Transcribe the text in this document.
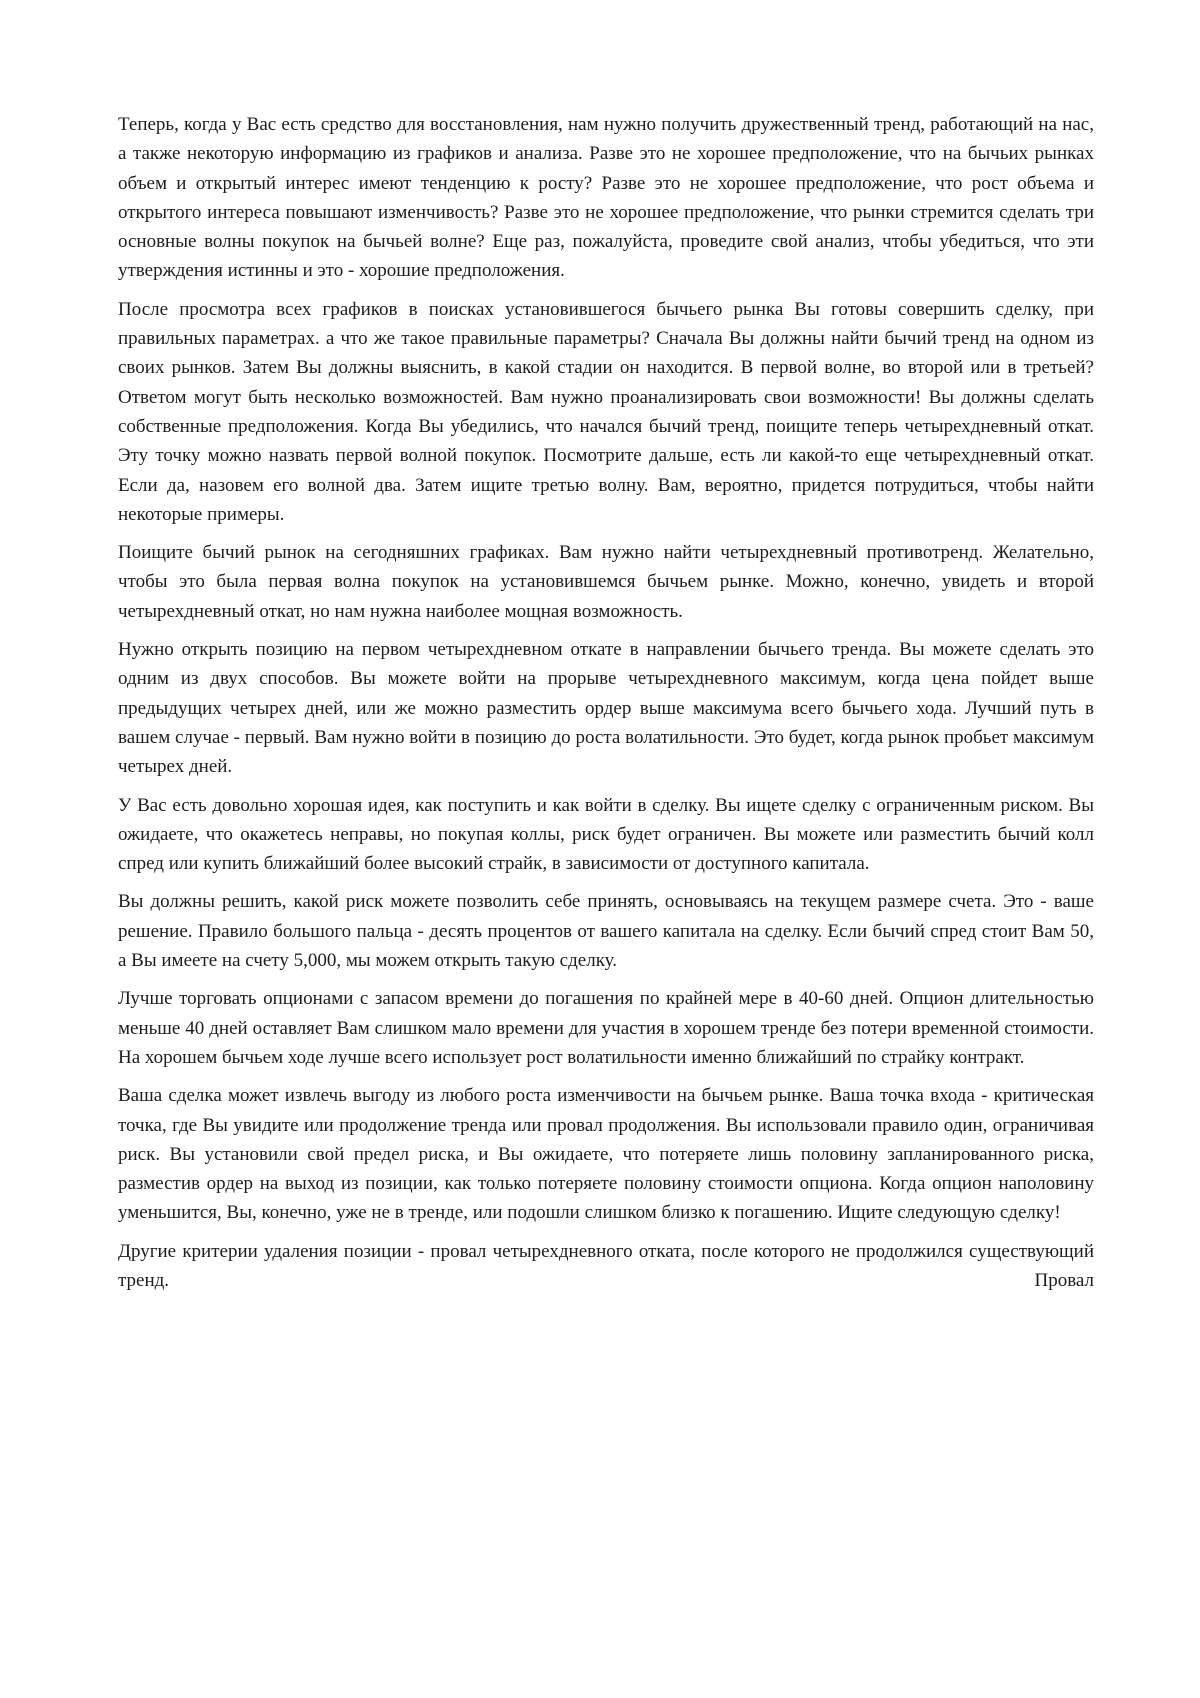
Теперь, когда у Вас есть средство для восстановления, нам нужно получить дружественный тренд, работающий на нас, а также некоторую информацию из графиков и анализа. Разве это не хорошее предположение, что на бычьих рынках объем и открытый интерес имеют тенденцию к росту? Разве это не хорошее предположение, что рост объема и открытого интереса повышают изменчивость? Разве это не хорошее предположение, что рынки стремится сделать три основные волны покупок на бычьей волне? Еще раз, пожалуйста, проведите свой анализ, чтобы убедиться, что эти утверждения истинны и это - хорошие предположения.

После просмотра всех графиков в поисках установившегося бычьего рынка Вы готовы совершить сделку, при правильных параметрах. а что же такое правильные параметры? Сначала Вы должны найти бычий тренд на одном из своих рынков. Затем Вы должны выяснить, в какой стадии он находится. В первой волне, во второй или в третьей? Ответом могут быть несколько возможностей. Вам нужно проанализировать свои возможности! Вы должны сделать собственные предположения. Когда Вы убедились, что начался бычий тренд, поищите теперь четырехдневный откат. Эту точку можно назвать первой волной покупок. Посмотрите дальше, есть ли какой-то еще четырехдневный откат. Если да, назовем его волной два. Затем ищите третью волну. Вам, вероятно, придется потрудиться, чтобы найти некоторые примеры.

Поищите бычий рынок на сегодняшних графиках. Вам нужно найти четырехдневный противотренд. Желательно, чтобы это была первая волна покупок на установившемся бычьем рынке. Можно, конечно, увидеть и второй четырехдневный откат, но нам нужна наиболее мощная возможность.

Нужно открыть позицию на первом четырехдневном откате в направлении бычьего тренда. Вы можете сделать это одним из двух способов. Вы можете войти на прорыве четырехдневного максимум, когда цена пойдет выше предыдущих четырех дней, или же можно разместить ордер выше максимума всего бычьего хода. Лучший путь в вашем случае - первый. Вам нужно войти в позицию до роста волатильности. Это будет, когда рынок пробьет максимум четырех дней.

У Вас есть довольно хорошая идея, как поступить и как войти в сделку. Вы ищете сделку с ограниченным риском. Вы ожидаете, что окажетесь неправы, но покупая коллы, риск будет ограничен. Вы можете или разместить бычий колл спред или купить ближайший более высокий страйк, в зависимости от доступного капитала.

Вы должны решить, какой риск можете позволить себе принять, основываясь на текущем размере счета. Это - ваше решение. Правило большого пальца - десять процентов от вашего капитала на сделку. Если бычий спред стоит Вам 50, а Вы имеете на счету 5,000, мы можем открыть такую сделку.

Лучше торговать опционами с запасом времени до погашения по крайней мере в 40-60 дней. Опцион длительностью меньше 40 дней оставляет Вам слишком мало времени для участия в хорошем тренде без потери временной стоимости. На хорошем бычьем ходе лучше всего использует рост волатильности именно ближайший по страйку контракт.

Ваша сделка может извлечь выгоду из любого роста изменчивости на бычьем рынке. Ваша точка входа - критическая точка, где Вы увидите или продолжение тренда или провал продолжения. Вы использовали правило один, ограничивая риск. Вы установили свой предел риска, и Вы ожидаете, что потеряете лишь половину запланированного риска, разместив ордер на выход из позиции, как только потеряете половину стоимости опциона. Когда опцион наполовину уменьшится, Вы, конечно, уже не в тренде, или подошли слишком близко к погашению. Ищите следующую сделку!

Другие критерии удаления позиции - провал четырехдневного отката, после которого не продолжился существующий тренд. Провал
